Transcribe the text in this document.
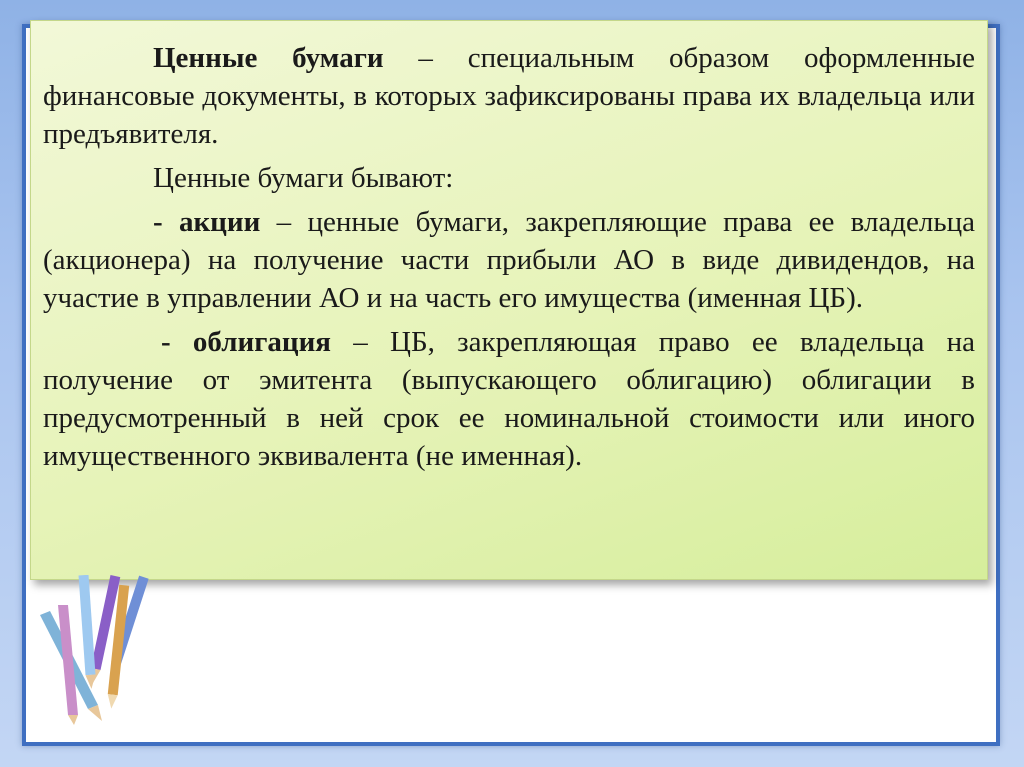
Ценные бумаги – специальным образом оформленные финансовые документы, в которых зафиксированы права их владельца или предъявителя.

Ценные бумаги бывают:

- акции – ценные бумаги, закрепляющие права ее владельца (акционера) на получение части прибыли АО в виде дивидендов, на участие в управлении АО и на часть его имущества (именная ЦБ).

- облигация – ЦБ, закрепляющая право ее владельца на получение от эмитента (выпускающего облигацию) облигации в предусмотренный в ней срок ее номинальной стоимости или иного имущественного эквивалента (не именная).
